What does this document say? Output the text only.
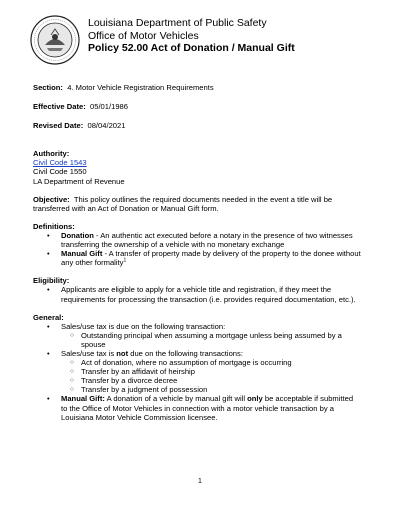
Louisiana Department of Public Safety
Office of Motor Vehicles
Policy 52.00 Act of Donation / Manual Gift
Section: 4. Motor Vehicle Registration Requirements
Effective Date: 05/01/1986
Revised Date: 08/04/2021
Authority:
Civil Code 1543
Civil Code 1550
LA Department of Revenue
Objective: This policy outlines the required documents needed in the event a title will be
transferred with an Act of Donation or Manual Gift form.
Definitions:
• Donation - An authentic act executed before a notary in the presence of two witnesses
transferring the ownership of a vehicle with no monetary exchange
• Manual Gift - A transfer of property made by delivery of the property to the donee without
any other formality$^1$
Eligibility:
• Applicants are eligible to apply for a vehicle title and registration, if they meet the
requirements for processing the transaction (i.e. provides required documentation, etc.).
General:
• Sales/use tax is due on the following transaction:
○ Outstanding principal when assuming a mortgage unless being assumed by a
spouse
• Sales/use tax is not due on the following transactions:
○ Act of donation, where no assumption of mortgage is occurring
○ Transfer by an affidavit of heirship
○ Transfer by a divorce decree
○ Transfer by a judgment of possession
• Manual Gift: A donation of a vehicle by manual gift will only be acceptable if submitted
to the Office of Motor Vehicles in connection with a motor vehicle transaction by a
Louisiana Motor Vehicle Commission licensee.
1
